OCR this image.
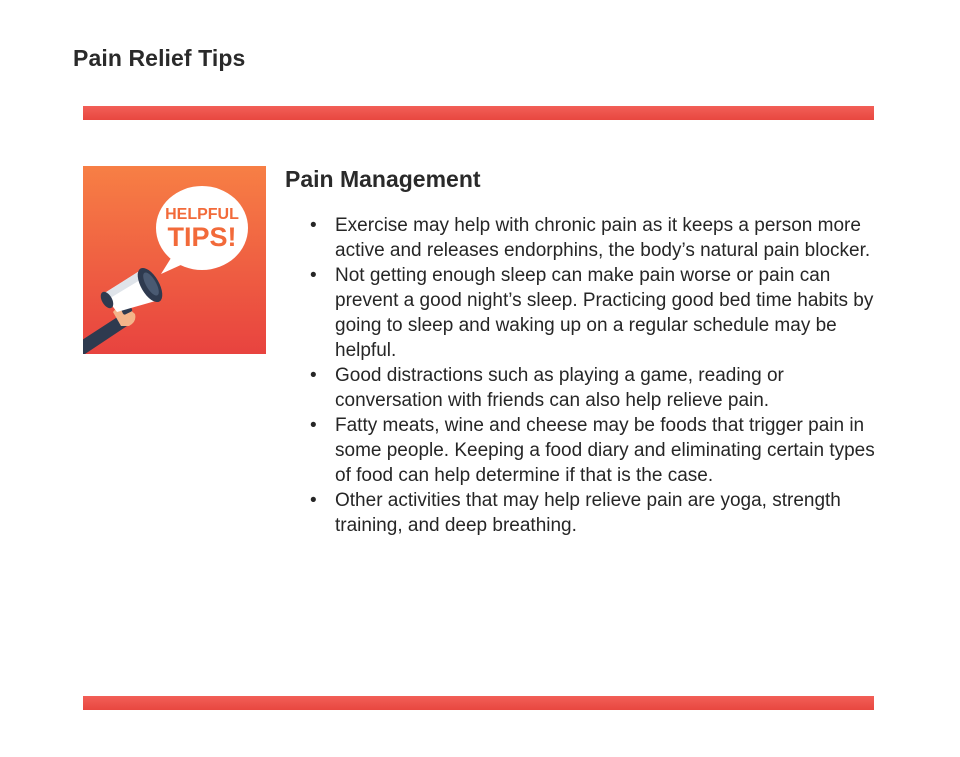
Pain Relief Tips
HELPFUL
TIPS!
Pain Management
• Exercise may help with chronic pain as it keeps a person more active and releases endorphins, the body’s natural pain blocker.
• Not getting enough sleep can make pain worse or pain can prevent a good night’s sleep. Practicing good bed time habits by going to sleep and waking up on a regular schedule may be helpful.
• Good distractions such as playing a game, reading or conversation with friends can also help relieve pain.
• Fatty meats, wine and cheese may be foods that trigger pain in some people. Keeping a food diary and eliminating certain types of food can help determine if that is the case.
• Other activities that may help relieve pain are yoga, strength training, and deep breathing.
